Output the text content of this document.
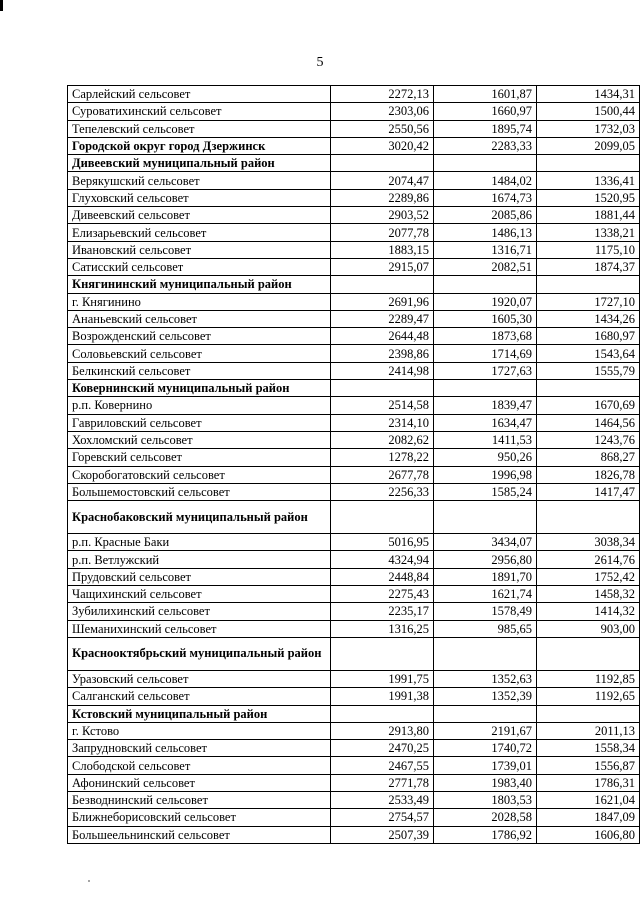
5
Сарлейский сельсовет	2272,13	1601,87	1434,31
Суроватихинский сельсовет	2303,06	1660,97	1500,44
Тепелевский сельсовет	2550,56	1895,74	1732,03
Городской округ город Дзержинск	3020,42	2283,33	2099,05
Дивеевский муниципальный район			
Верякушский сельсовет	2074,47	1484,02	1336,41
Глуховский сельсовет	2289,86	1674,73	1520,95
Дивеевский сельсовет	2903,52	2085,86	1881,44
Елизарьевский сельсовет	2077,78	1486,13	1338,21
Ивановский сельсовет	1883,15	1316,71	1175,10
Сатисский сельсовет	2915,07	2082,51	1874,37
Княгининский муниципальный район			
г. Княгинино	2691,96	1920,07	1727,10
Ананьевский сельсовет	2289,47	1605,30	1434,26
Возрожденский сельсовет	2644,48	1873,68	1680,97
Соловьевский сельсовет	2398,86	1714,69	1543,64
Белкинский сельсовет	2414,98	1727,63	1555,79
Ковернинский муниципальный район			
р.п. Ковернино	2514,58	1839,47	1670,69
Гавриловский сельсовет	2314,10	1634,47	1464,56
Хохломский сельсовет	2082,62	1411,53	1243,76
Горевский сельсовет	1278,22	950,26	868,27
Скоробогатовский сельсовет	2677,78	1996,98	1826,78
Большемостовский сельсовет	2256,33	1585,24	1417,47
Краснобаковский муниципальный район			
р.п. Красные Баки	5016,95	3434,07	3038,34
р.п. Ветлужский	4324,94	2956,80	2614,76
Прудовский сельсовет	2448,84	1891,70	1752,42
Чащихинский сельсовет	2275,43	1621,74	1458,32
Зубилихинский сельсовет	2235,17	1578,49	1414,32
Шеманихинский сельсовет	1316,25	985,65	903,00
Краснооктябрьский муниципальный район			
Уразовский сельсовет	1991,75	1352,63	1192,85
Салганский сельсовет	1991,38	1352,39	1192,65
Кстовский муниципальный район			
г. Кстово	2913,80	2191,67	2011,13
Запрудновский сельсовет	2470,25	1740,72	1558,34
Слободской сельсовет	2467,55	1739,01	1556,87
Афонинский сельсовет	2771,78	1983,40	1786,31
Безводнинский сельсовет	2533,49	1803,53	1621,04
Ближнеборисовский сельсовет	2754,57	2028,58	1847,09
Большеельнинский сельсовет	2507,39	1786,92	1606,80
